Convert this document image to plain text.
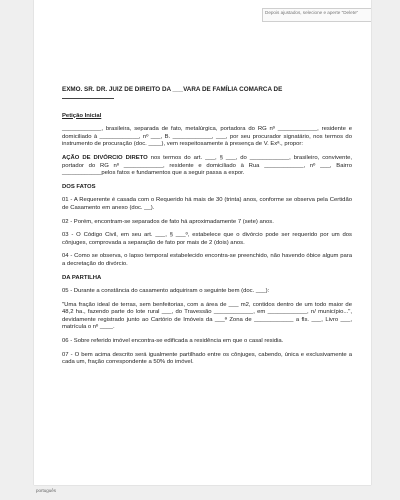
Depois ajustados, selecione e aperte "Delete"

EXMO. SR. DR. JUIZ DE DIREITO DA ___VARA DE FAMÍLIA COMARCA DE

Petição Inicial

____________, brasileira, separada de fato, metalúrgica, portadora do RG nº ____________, residente e domiciliado à ____________, nº ___, B. ____________, ___, por seu procurador signatário, nos termos do instrumento de procuração (doc. ____), vem respeitosamente à presença de V. Exª., propor:

AÇÃO DE DIVÓRCIO DIRETO nos termos do art. ___, § ___, do ____________, brasileiro, convivente, portador do RG nº ____________, residente e domiciliado à Rua ____________, nº ___, Bairro ____________pelos fatos e fundamentos que a seguir passa a expor.

DOS FATOS

01 - A Requerente é casada com o Requerido há mais de 30 (trinta) anos, conforme se observa pela Certidão de Casamento em anexo (doc. __).

02 - Porém, encontram-se separados de fato há aproximadamente 7 (sete) anos.

03 - O Código Civil, em seu art. ___, § ___º, estabelece que o divórcio pode ser requerido por um dos cônjuges, comprovada a separação de fato por mais de 2 (dois) anos.

04 - Como se observa, o lapso temporal estabelecido encontra-se preenchido, não havendo óbice algum para a decretação do divórcio.

DA PARTILHA

05 - Durante a constância do casamento adquiriram o seguinte bem (doc. ___):

"Uma fração ideal de terras, sem benfeitorias, com a área de ___ m2, contidos dentro de um todo maior de 48,2 ha., fazendo parte do lote rural ___, do Travessão ____________, em ____________, n/ município...", devidamente registrado junto ao Cartório de Imóveis da ___ª Zona de ____________ a fls. ___, Livro ___, matrícula o nº ____.

06 - Sobre referido imóvel encontra-se edificada a residência em que o casal residia.

07 - O bem acima descrito será igualmente partilhado entre os cônjuges, cabendo, única e exclusivamente a cada um, fração correspondente a 50% do imóvel.

português
